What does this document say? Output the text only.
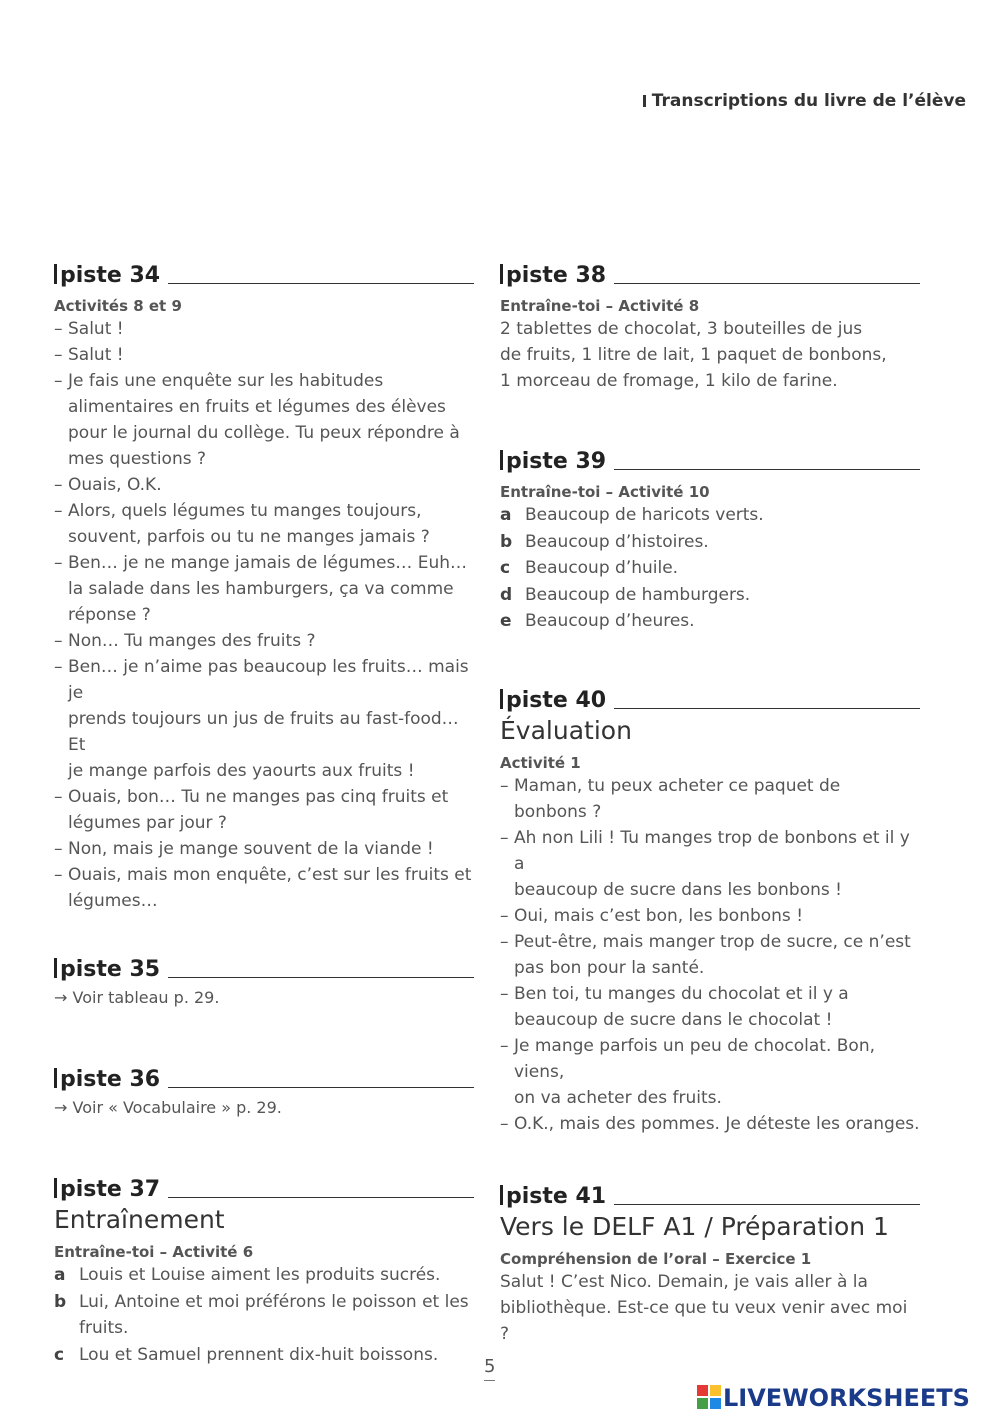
Transcriptions du livre de l’élève
piste 34
Activités 8 et 9
– Salut !
– Salut !
– Je fais une enquête sur les habitudes
alimentaires en fruits et légumes des élèves
pour le journal du collège. Tu peux répondre à
mes questions ?
– Ouais, O.K.
– Alors, quels légumes tu manges toujours,
souvent, parfois ou tu ne manges jamais ?
– Ben… je ne mange jamais de légumes… Euh…
la salade dans les hamburgers, ça va comme
réponse ?
– Non… Tu manges des fruits ?
– Ben… je n’aime pas beaucoup les fruits… mais je
prends toujours un jus de fruits au fast-food… Et
je mange parfois des yaourts aux fruits !
– Ouais, bon… Tu ne manges pas cinq fruits et
légumes par jour ?
– Non, mais je mange souvent de la viande !
– Ouais, mais mon enquête, c’est sur les fruits et
légumes…
piste 35
→ Voir tableau p. 29.
piste 36
→ Voir « Vocabulaire » p. 29.
piste 37
Entraînement
Entraîne-toi – Activité 6
a Louis et Louise aiment les produits sucrés.
b Lui, Antoine et moi préférons le poisson et les
fruits.
c Lou et Samuel prennent dix-huit boissons.
piste 38
Entraîne-toi – Activité 8
2 tablettes de chocolat, 3 bouteilles de jus
de fruits, 1 litre de lait, 1 paquet de bonbons,
1 morceau de fromage, 1 kilo de farine.
piste 39
Entraîne-toi – Activité 10
a Beaucoup de haricots verts.
b Beaucoup d’histoires.
c Beaucoup d’huile.
d Beaucoup de hamburgers.
e Beaucoup d’heures.
piste 40
Évaluation
Activité 1
– Maman, tu peux acheter ce paquet de
bonbons ?
– Ah non Lili ! Tu manges trop de bonbons et il y a
beaucoup de sucre dans les bonbons !
– Oui, mais c’est bon, les bonbons !
– Peut-être, mais manger trop de sucre, ce n’est
pas bon pour la santé.
– Ben toi, tu manges du chocolat et il y a
beaucoup de sucre dans le chocolat !
– Je mange parfois un peu de chocolat. Bon, viens,
on va acheter des fruits.
– O.K., mais des pommes. Je déteste les oranges.
piste 41
Vers le DELF A1 / Préparation 1
Compréhension de l’oral – Exercice 1
Salut ! C’est Nico. Demain, je vais aller à la
bibliothèque. Est-ce que tu veux venir avec moi ?
5
LIVEWORKSHEETS
